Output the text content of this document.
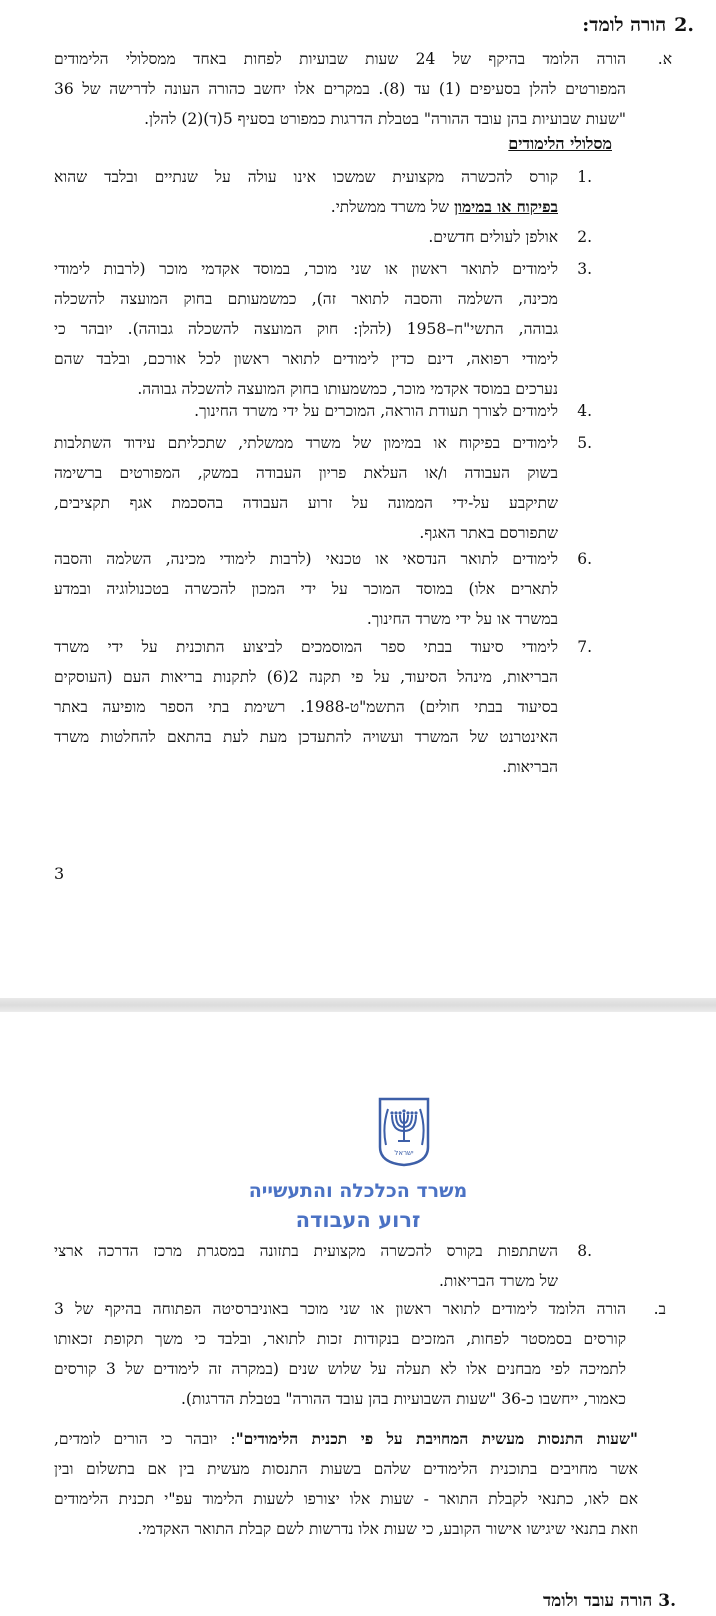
.2הורה לומד:
א.
הורה הלומד בהיקף של 24 שעות שבועיות לפחות באחד ממסלולי הלימודים
המפורטים להלן בסעיפים (1) עד (8). במקרים אלו יחשב כהורה העונה לדרישה של 36
"שעות שבועיות בהן עובד ההורה" בטבלת הדרגות כמפורט בסעיף 5(ד)(2) להלן.
מסלולי הלימודים
.1
קורס להכשרה מקצועית שמשכו אינו עולה על שנתיים ובלבד שהוא
בפיקוח או במימון של משרד ממשלתי.
.2
אולפן לעולים חדשים.
.3
לימודים לתואר ראשון או שני מוכר, במוסד אקדמי מוכר (לרבות לימודי
מכינה, השלמה והסבה לתואר זה), כמשמעותם בחוק המועצה להשכלה
גבוהה, התשי"ח–1958 (להלן: חוק המועצה להשכלה גבוהה). יובהר כי
לימודי רפואה, דינם כדין לימודים לתואר ראשון לכל אורכם, ובלבד שהם
נערכים במוסד אקדמי מוכר, כמשמעותו בחוק המועצה להשכלה גבוהה.
.4
לימודים לצורך תעודת הוראה, המוכרים על ידי משרד החינוך.
.5
לימודים בפיקוח או במימון של משרד ממשלתי, שתכליתם עידוד השתלבות
בשוק העבודה ו/או העלאת פריון העבודה במשק, המפורטים ברשימה
שתיקבע על-ידי הממונה על זרוע העבודה בהסכמת אגף תקציבים,
שתפורסם באתר האגף.
.6
לימודים לתואר הנדסאי או טכנאי (לרבות לימודי מכינה, השלמה והסבה
לתארים אלו) במוסד המוכר על ידי המכון להכשרה בטכנולוגיה ובמדע
במשרד או על ידי משרד החינוך.
.7
לימודי סיעוד בבתי ספר המוסמכים לביצוע התוכנית על ידי משרד
הבריאות, מינהל הסיעוד, על פי תקנה 2(6) לתקנות בריאות העם (העוסקים
בסיעוד בבתי חולים) התשמ"ט-1988. רשימת בתי הספר מופיעה באתר
האינטרנט של המשרד ועשויה להתעדכן מעת לעת בהתאם להחלטות משרד
הבריאות.
3
ישראל
משרד הכלכלה והתעשייה
זרוע העבודה
.8
השתתפות בקורס להכשרה מקצועית בתזונה במסגרת מרכז הדרכה ארצי
של משרד הבריאות.
ב.
הורה הלומד לימודים לתואר ראשון או שני מוכר באוניברסיטה הפתוחה בהיקף של 3
קורסים בסמסטר לפחות, המזכים בנקודות זכות לתואר, ובלבד כי משך תקופת זכאותו
לתמיכה לפי מבחנים אלו לא תעלה על שלוש שנים (במקרה זה לימודים של 3 קורסים
כאמור, ייחשבו כ-36 "שעות השבועיות בהן עובד ההורה" בטבלת הדרגות).
"שעות התנסות מעשית המחויבת על פי תכנית הלימודים": יובהר כי הורים לומדים,
אשר מחויבים בתוכנית הלימודים שלהם בשעות התנסות מעשית בין אם בתשלום ובין
אם לאו, כתנאי לקבלת התואר - שעות אלו יצורפו לשעות הלימוד עפ"י תכנית הלימודים
וזאת בתנאי שיגישו אישור הקובע, כי שעות אלו נדרשות לשם קבלת התואר האקדמי.
.3 הורה עובד ולומד
